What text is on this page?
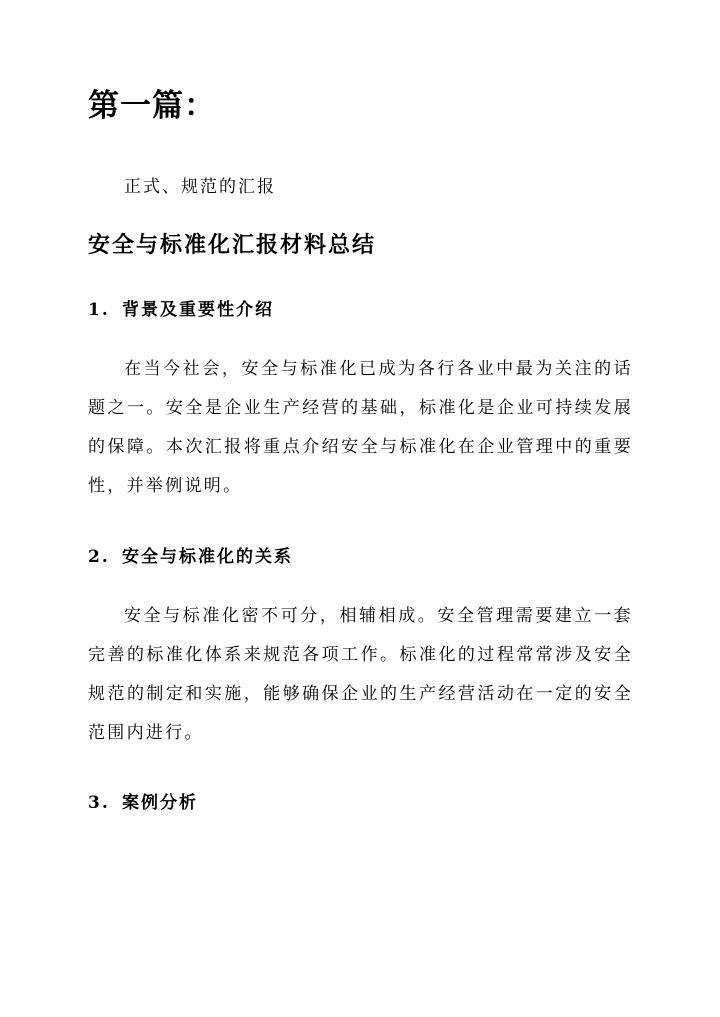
第一篇：

正式、规范的汇报

安全与标准化汇报材料总结
1. 背景及重要性介绍

在当今社会，安全与标准化已成为各行各业中最为关注的话题之一。安全是企业生产经营的基础，标准化是企业可持续发展的保障。本次汇报将重点介绍安全与标准化在企业管理中的重要性，并举例说明。

2. 安全与标准化的关系

安全与标准化密不可分，相辅相成。安全管理需要建立一套完善的标准化体系来规范各项工作。标准化的过程常常涉及安全规范的制定和实施，能够确保企业的生产经营活动在一定的安全范围内进行。

3. 案例分析
